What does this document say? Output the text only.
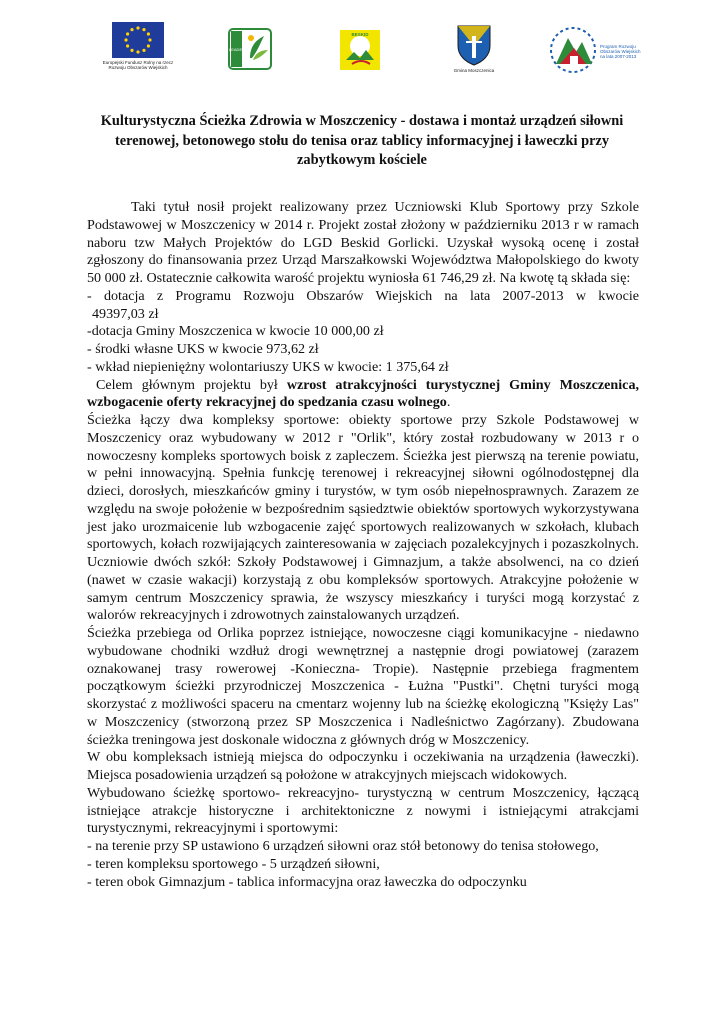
Europejski Fundusz Rolny na rzecz Rozwoju Obszarów Wiejskich
LEADER
BESKID
Gmina Moszczenica
Program Rozwoju Obszarów Wiejskich na lata 2007-2013
Kulturystyczna Ścieżka Zdrowia w Moszczenicy - dostawa i montaż urządzeń siłowni terenowej, betonowego stołu do tenisa oraz tablicy informacyjnej i ławeczki przy zabytkowym kościele

Taki tytuł nosił projekt realizowany przez Uczniowski Klub Sportowy przy Szkole Podstawowej w Moszczenicy w 2014 r. Projekt został złożony w październiku 2013 r w ramach naboru tzw Małych Projektów do LGD Beskid Gorlicki. Uzyskał wysoką ocenę i został zgłoszony do finansowania przez Urząd Marszałkowski Województwa Małopolskiego do kwoty 50 000 zł. Ostatecznie całkowita warość projektu wyniosła 61 746,29 zł. Na kwotę tą składa się:

- dotacja z Programu Rozwoju Obszarów Wiejskich na lata 2007-2013 w kwocie

49397,03 zł

-dotacja Gminy Moszczenica w kwocie 10 000,00 zł

- środki własne UKS w kwocie 973,62 zł

- wkład niepieniężny wolontariuszy UKS w kwocie: 1 375,64 zł

Celem głównym projektu był wzrost atrakcyjności turystycznej Gminy Moszczenica, wzbogacenie oferty rekracyjnej do spedzania czasu wolnego.

Ścieżka łączy dwa kompleksy sportowe: obiekty sportowe przy Szkole Podstawowej w Moszczenicy oraz wybudowany w 2012 r "Orlik", który został rozbudowany w 2013 r o nowoczesny kompleks sportowych boisk z zapleczem. Ścieżka jest pierwszą na terenie powiatu, w pełni innowacyjną. Spełnia funkcję terenowej i rekreacyjnej siłowni ogólnodostępnej dla dzieci, dorosłych, mieszkańców gminy i turystów, w tym osób niepełnosprawnych. Zarazem ze względu na swoje położenie w bezpośrednim sąsiedztwie obiektów sportowych wykorzystywana jest jako urozmaicenie lub wzbogacenie zajęć sportowych realizowanych w szkołach, klubach sportowych, kołach rozwijających zainteresowania w zajęciach pozalekcyjnych i pozaszkolnych. Uczniowie dwóch szkół: Szkoły Podstawowej i Gimnazjum, a także absolwenci, na co dzień (nawet w czasie wakacji) korzystają z obu kompleksów sportowych. Atrakcyjne położenie w samym centrum Moszczenicy sprawia, że wszyscy mieszkańcy i turyści mogą korzystać z walorów rekreacyjnych i zdrowotnych zainstalowanych urządzeń.

Ścieżka przebiega od Orlika poprzez istniejące, nowoczesne ciągi komunikacyjne - niedawno wybudowane chodniki wzdłuż drogi wewnętrznej a następnie drogi powiatowej (zarazem oznakowanej trasy rowerowej -Konieczna- Tropie). Następnie przebiega fragmentem początkowym ścieżki przyrodniczej Moszczenica - Łużna "Pustki". Chętni turyści mogą skorzystać z możliwości spaceru na cmentarz wojenny lub na ścieżkę ekologiczną "Księży Las" w Moszczenicy (stworzoną przez SP Moszczenica i Nadleśnictwo Zagórzany). Zbudowana ścieżka treningowa jest doskonale widoczna z głównych dróg w Moszczenicy.

W obu kompleksach istnieją miejsca do odpoczynku i oczekiwania na urządzenia (ławeczki). Miejsca posadowienia urządzeń są położone w atrakcyjnych miejscach widokowych.

Wybudowano ścieżkę sportowo- rekreacyjno- turystyczną w centrum Moszczenicy, łączącą istniejące atrakcje historyczne i architektoniczne z nowymi i istniejącymi atrakcjami turystycznymi, rekreacyjnymi i sportowymi:

- na terenie przy SP ustawiono 6 urządzeń siłowni oraz stół betonowy do tenisa stołowego,

- teren kompleksu sportowego - 5 urządzeń siłowni,

- teren obok Gimnazjum - tablica informacyjna oraz ławeczka do odpoczynku
